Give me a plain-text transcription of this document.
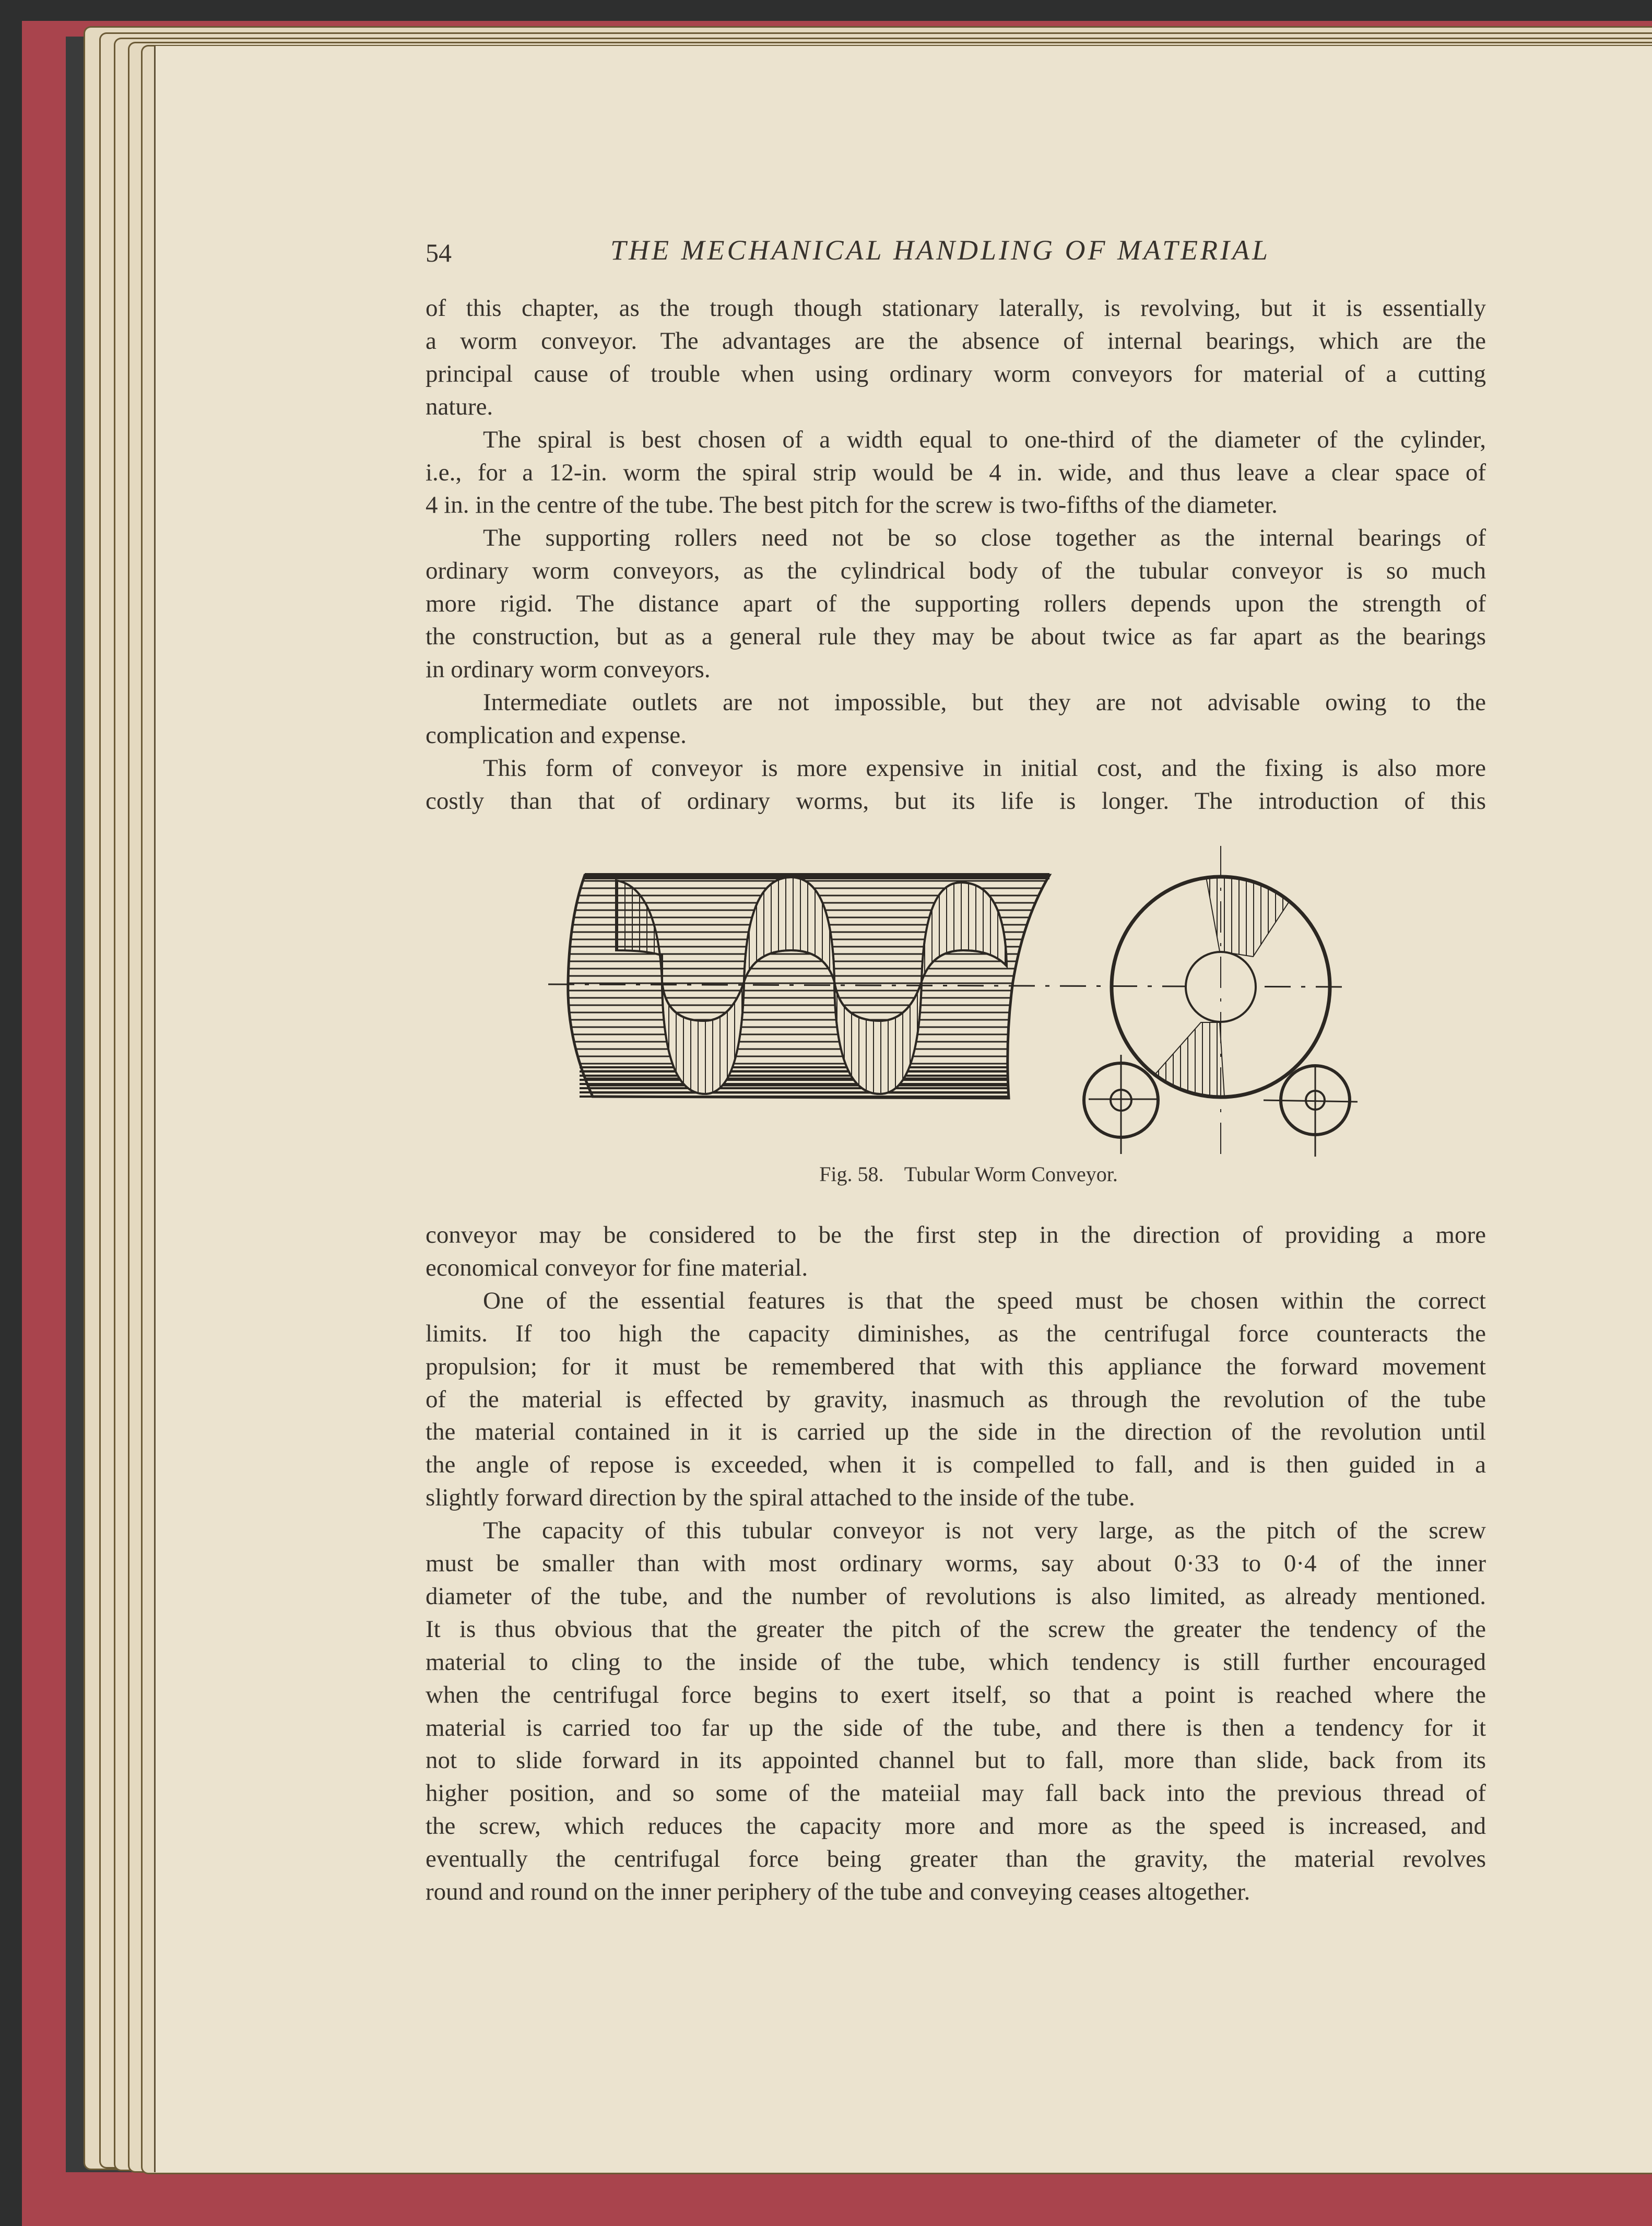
54	THE MECHANICAL HANDLING OF MATERIAL
of this chapter, as the trough though stationary laterally, is revolving, but it is essentially
a worm conveyor. The advantages are the absence of internal bearings, which are the
principal cause of trouble when using ordinary worm conveyors for material of a cutting
nature.
The spiral is best chosen of a width equal to one-third of the diameter of the cylinder,
i.e., for a 12-in. worm the spiral strip would be 4 in. wide, and thus leave a clear space of
4 in. in the centre of the tube. The best pitch for the screw is two-fifths of the diameter.
The supporting rollers need not be so close together as the internal bearings of
ordinary worm conveyors, as the cylindrical body of the tubular conveyor is so much
more rigid. The distance apart of the supporting rollers depends upon the strength of
the construction, but as a general rule they may be about twice as far apart as the bearings
in ordinary worm conveyors.
Intermediate outlets are not impossible, but they are not advisable owing to the
complication and expense.
This form of conveyor is more expensive in initial cost, and the fixing is also more
costly than that of ordinary worms, but its life is longer. The introduction of this
conveyor may be considered to be the first step in the direction of providing a more
economical conveyor for fine material.
One of the essential features is that the speed must be chosen within the correct
limits. If too high the capacity diminishes, as the centrifugal force counteracts the
propulsion; for it must be remembered that with this appliance the forward movement
of the material is effected by gravity, inasmuch as through the revolution of the tube
the material contained in it is carried up the side in the direction of the revolution until
the angle of repose is exceeded, when it is compelled to fall, and is then guided in a
slightly forward direction by the spiral attached to the inside of the tube.
The capacity of this tubular conveyor is not very large, as the pitch of the screw
must be smaller than with most ordinary worms, say about 0·33 to 0·4 of the inner
diameter of the tube, and the number of revolutions is also limited, as already mentioned.
It is thus obvious that the greater the pitch of the screw the greater the tendency of the
material to cling to the inside of the tube, which tendency is still further encouraged
when the centrifugal force begins to exert itself, so that a point is reached where the
material is carried too far up the side of the tube, and there is then a tendency for it
not to slide forward in its appointed channel but to fall, more than slide, back from its
higher position, and so some of the mateiial may fall back into the previous thread of
the screw, which reduces the capacity more and more as the speed is increased, and
eventually the centrifugal force being greater than the gravity, the material revolves
round and round on the inner periphery of the tube and conveying ceases altogether.
Fig. 58.    Tubular Worm Conveyor.
